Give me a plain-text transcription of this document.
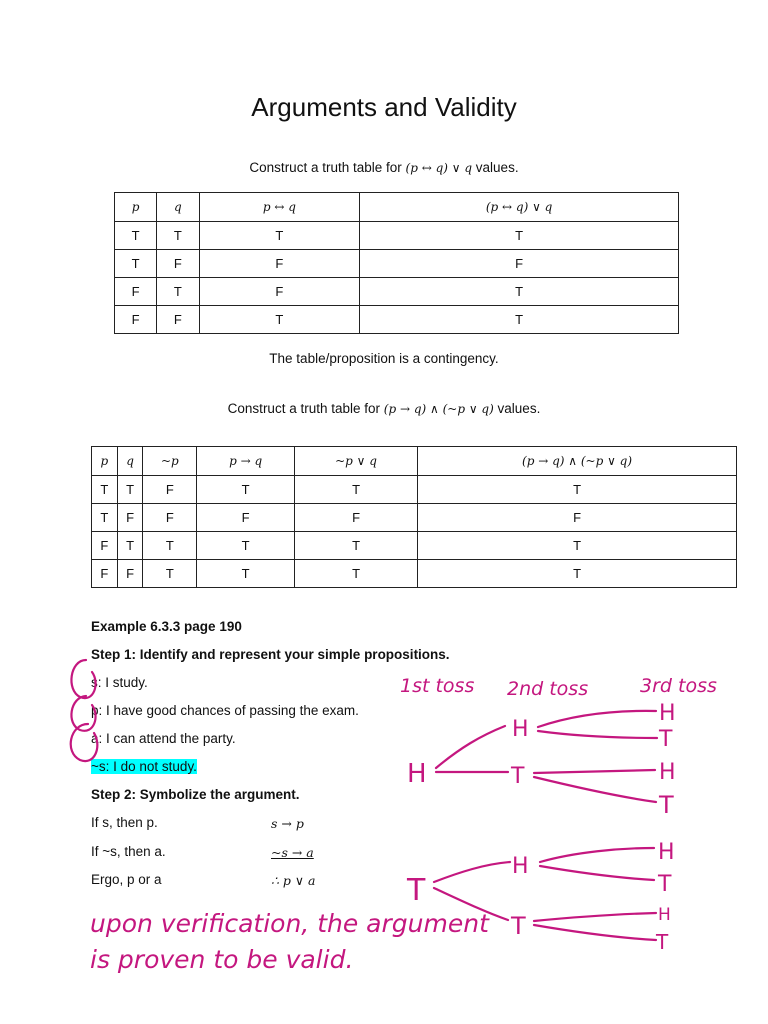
Arguments and Validity
Construct a truth table for (p ↔ q) ∨ q values.
p	q	p ↔ q	(p ↔ q) ∨ q
T	T	T	T
T	F	F	F
F	T	F	T
F	F	T	T
The table/proposition is a contingency.
Construct a truth table for (p → q) ∧ (~p ∨ q) values.
p	q	~p	p → q	~p ∨ q	(p → q) ∧ (~p ∨ q)
T	T	F	T	T	T
T	F	F	F	F	F
F	T	T	T	T	T
F	F	T	T	T	T
Example 6.3.3 page 190
Step 1: Identify and represent your simple propositions.
s: I study.
p: I have good chances of passing the exam.
a: I can attend the party.
~s: I do not study.
Step 2: Symbolize the argument.
If s, then p.	s → p
If ~s, then a.	~s → a
Ergo, p or a	∴ p ∨ a
1st toss 2nd toss	3rd toss
H
H
T
H
T
H
T
T
H
T
H
T
H
T
upon verification, the argument
is proven to be valid.
